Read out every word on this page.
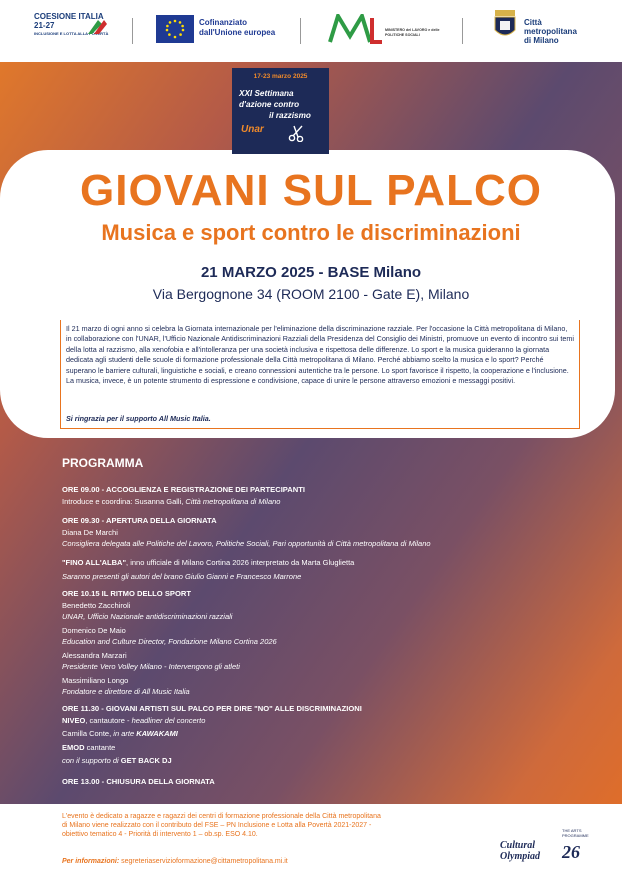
COESIONE ITALIA 21-27
INCLUSIONE E LOTTA ALLA POVERTÀ
Cofinanziato
dall'Unione europea	MINISTERO del LAVORO e delle POLITICHE SOCIALI
Città
metropolitana
di Milano
17-23 marzo 2025
XXI Settimana
d'azione contro
il razzismo
Unar
GIOVANI SUL PALCO
Musica e sport contro le discriminazioni
21 MARZO 2025 - BASE Milano
Via Bergognone 34 (ROOM 2100 - Gate E), Milano
Il 21 marzo di ogni anno si celebra la Giornata internazionale per l'eliminazione della discriminazione razziale. Per l'occasione la Città metropolitana di Milano, in collaborazione con l'UNAR, l'Ufficio Nazionale Antidiscriminazioni Razziali della Presidenza del Consiglio dei Ministri, promuove un evento di incontro sui temi della lotta al razzismo, alla xenofobia e all'intolleranza per una società inclusiva e rispettosa delle differenze. Lo sport e la musica guideranno la giornata dedicata agli studenti delle scuole di formazione professionale della Città metropolitana di Milano. Perché abbiamo scelto la musica e lo sport? Perché superano le barriere culturali, linguistiche e sociali, e creano connessioni autentiche tra le persone. Lo sport favorisce il rispetto, la cooperazione e l'inclusione. La musica, invece, è un potente strumento di espressione e condivisione, capace di unire le persone attraverso emozioni e messaggi positivi.
Si ringrazia per il supporto All Music Italia.
PROGRAMMA
ORE 09.00 - ACCOGLIENZA E REGISTRAZIONE DEI PARTECIPANTI
Introduce e coordina: Susanna Galli, Città metropolitana di Milano
ORE 09.30 - APERTURA DELLA GIORNATA
Diana De Marchi
Consigliera delegata alle Politiche del Lavoro, Politiche Sociali, Pari opportunità di Città metropolitana di Milano
"FINO ALL'ALBA", inno ufficiale di Milano Cortina 2026 interpretato da Marta Gluglietta
Saranno presenti gli autori del brano Giulio Gianni e Francesco Marrone
ORE 10.15 IL RITMO DELLO SPORT
Benedetto Zacchiroli
UNAR, Ufficio Nazionale antidiscriminazioni razziali
Domenico De Maio
Education and Culture Director, Fondazione Milano Cortina 2026
Alessandra Marzari
Presidente Vero Volley Milano - Intervengono gli atleti
Massimiliano Longo
Fondatore e direttore di All Music Italia
ORE 11.30 - GIOVANI ARTISTI SUL PALCO PER DIRE "NO" ALLE DISCRIMINAZIONI
NIVEO, cantautore - headliner del concerto
Camilla Conte, in arte KAWAKAMI
EMOD cantante
con il supporto di GET BACK DJ
ORE 13.00 - CHIUSURA DELLA GIORNATA
L'evento è dedicato a ragazze e ragazzi dei centri di formazione professionale della Città metropolitana di Milano viene realizzato con il contributo del FSE – PN Inclusione e Lotta alla Povertà 2021-2027 - obiettivo tematico 4 - Priorità di intervento 1 – ob.sp. ESO 4.10.
Per informazioni: segreteriaservizioformazione@cittametropolitana.mi.it
Cultural Olympiad
THE ARTS PROGRAMME
26
